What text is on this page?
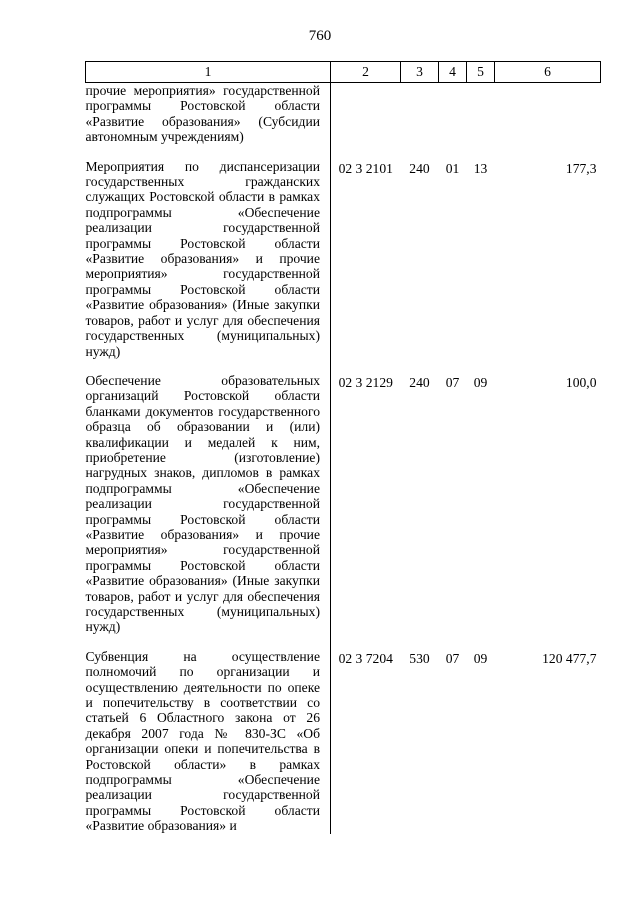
760
1	2	3	4	5	6
прочие мероприятия» государственной программы Ростовской области «Развитие образования» (Субсидии автономным учреждениям)					

Мероприятия по диспансеризации государственных гражданских служащих Ростовской области в рамках подпрограммы «Обеспечение реализации государственной программы Ростовской области «Развитие образования» и прочие мероприятия» государственной программы Ростовской области «Развитие образования» (Иные закупки товаров, работ и услуг для обеспечения государственных (муниципальных) нужд)	02 3 2101	240	01	13	177,3

Обеспечение образовательных организаций Ростовской области бланками документов государственного образца об образовании и (или) квалификации и медалей к ним, приобретение (изготовление) нагрудных знаков, дипломов в рамках подпрограммы «Обеспечение реализации государственной программы Ростовской области «Развитие образования» и прочие мероприятия» государственной программы Ростовской области «Развитие образования» (Иные закупки товаров, работ и услуг для обеспечения государственных (муниципальных) нужд)	02 3 2129	240	07	09	100,0

Субвенция на осуществление полномочий по организации и осуществлению деятельности по опеке и попечительству в соответствии со статьей 6 Областного закона от 26 декабря 2007 года № 830-ЗС «Об организации опеки и попечительства в Ростовской области» в рамках подпрограммы «Обеспечение реализации государственной программы Ростовской области «Развитие образования» и	02 3 7204	530	07	09	120 477,7
